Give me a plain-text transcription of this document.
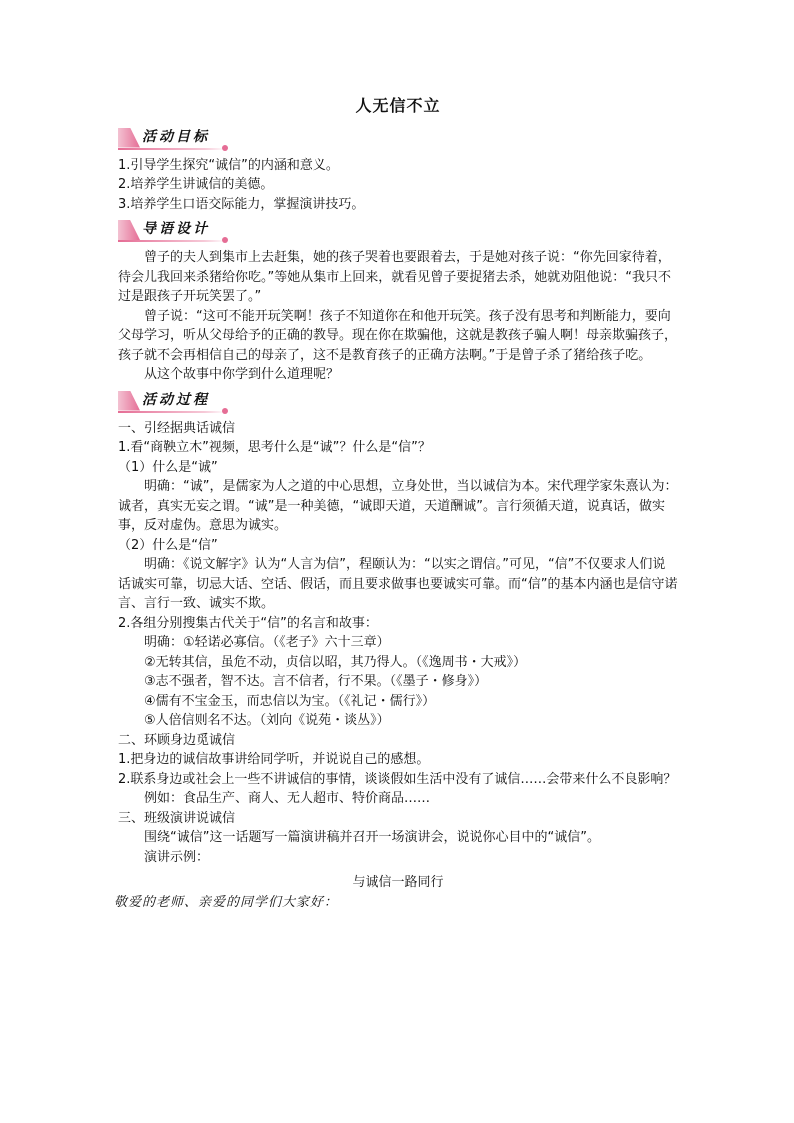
人无信不立
活动目标

1.引导学生探究“诚信”的内涵和意义。

2.培养学生讲诚信的美德。

3.培养学生口语交际能力，掌握演讲技巧。

导语设计

曾子的夫人到集市上去赶集，她的孩子哭着也要跟着去，于是她对孩子说：“你先回家待着，待会儿我回来杀猪给你吃。”等她从集市上回来，就看见曾子要捉猪去杀，她就劝阻他说：“我只不过是跟孩子开玩笑罢了。”

曾子说：“这可不能开玩笑啊！孩子不知道你在和他开玩笑。孩子没有思考和判断能力，要向父母学习，听从父母给予的正确的教导。现在你在欺骗他，这就是教孩子骗人啊！母亲欺骗孩子，孩子就不会再相信自己的母亲了，这不是教育孩子的正确方法啊。”于是曾子杀了猪给孩子吃。

从这个故事中你学到什么道理呢？

活动过程

一、引经据典话诚信

1.看“商鞅立木”视频，思考什么是“诚”？什么是“信”？

（1）什么是“诚”

明确：“诚”，是儒家为人之道的中心思想，立身处世，当以诚信为本。宋代理学家朱熹认为：诚者，真实无妄之谓。“诚”是一种美德，“诚即天道，天道酬诚”。言行须循天道，说真话，做实事，反对虚伪。意思为诚实。

（2）什么是“信”

明确：《说文解字》认为“人言为信”，程颐认为：“以实之谓信。”可见，“信”不仅要求人们说话诚实可靠，切忌大话、空话、假话，而且要求做事也要诚实可靠。而“信”的基本内涵也是信守诺言、言行一致、诚实不欺。

2.各组分别搜集古代关于“信”的名言和故事：

明确：①轻诺必寡信。（《老子》六十三章）

②无转其信，虽危不动，贞信以昭，其乃得人。（《逸周书・大戒》）

③志不强者，智不达。言不信者，行不果。（《墨子・修身》）

④儒有不宝金玉，而忠信以为宝。（《礼记・儒行》）

⑤人倍信则名不达。（刘向《说苑・谈丛》）

二、环顾身边觅诚信

1.把身边的诚信故事讲给同学听，并说说自己的感想。

2.联系身边或社会上一些不讲诚信的事情，谈谈假如生活中没有了诚信……会带来什么不良影响？

例如：食品生产、商人、无人超市、特价商品……

三、班级演讲说诚信

围绕“诚信”这一话题写一篇演讲稿并召开一场演讲会，说说你心目中的“诚信”。

演讲示例：

与诚信一路同行

敬爱的老师、亲爱的同学们大家好：
